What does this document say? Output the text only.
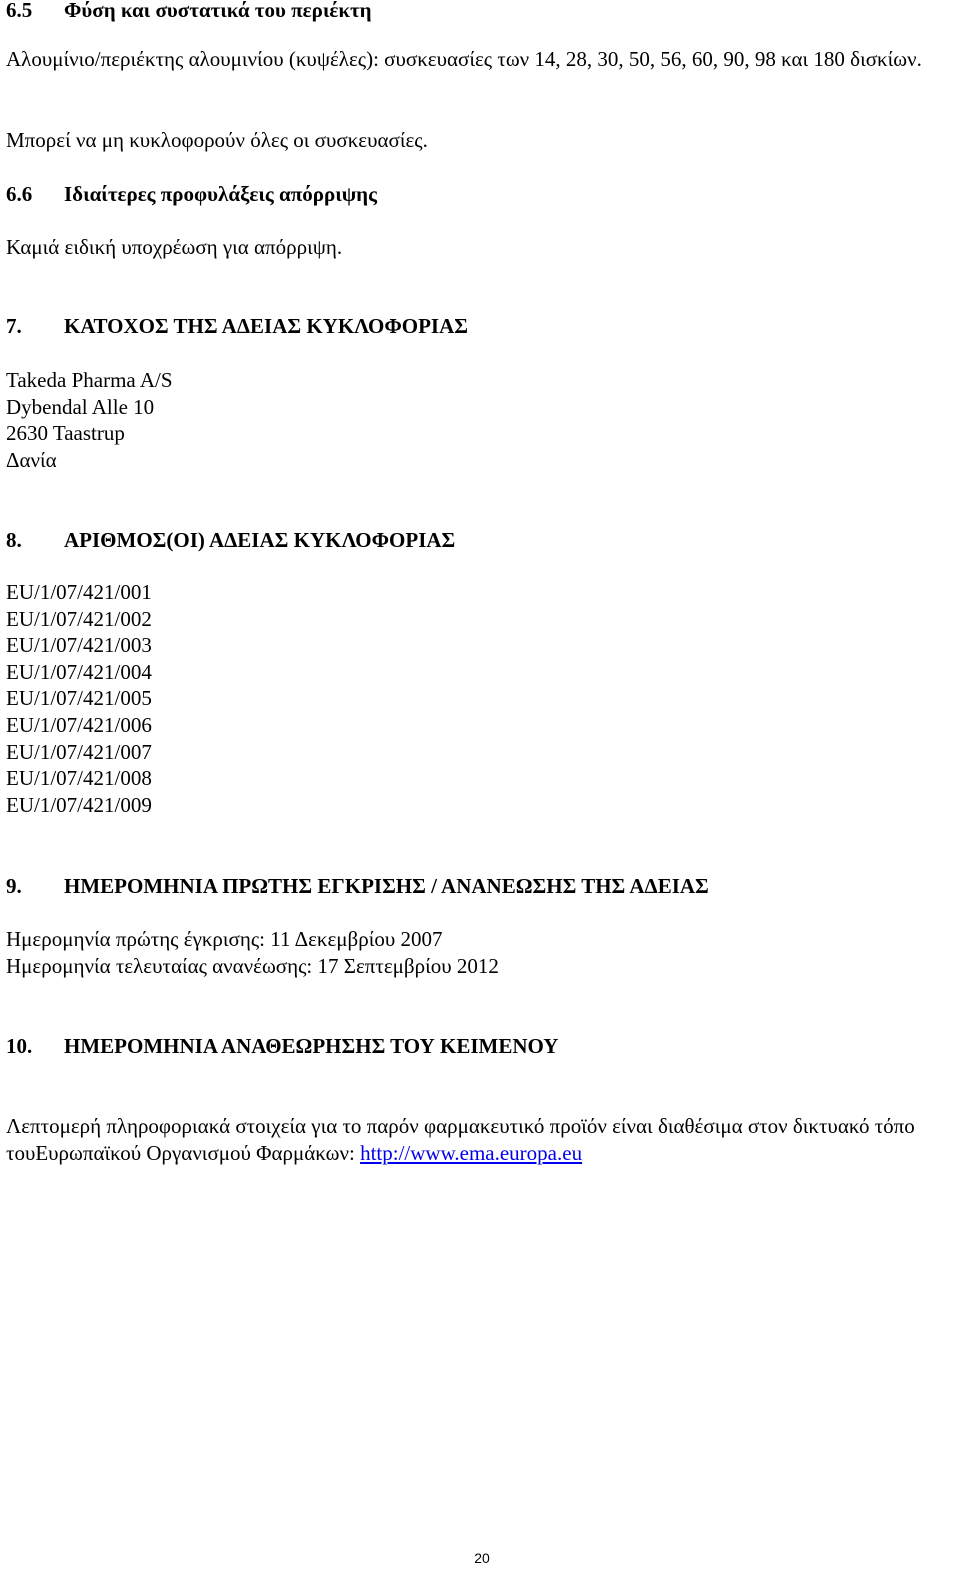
6.5 Φύση και συστατικά του περιέκτη

Αλουμίνιο/περιέκτης αλουμινίου (κυψέλες): συσκευασίες των 14, 28, 30, 50, 56, 60, 90, 98 και 180 δισκίων.

Μπορεί να μη κυκλοφορούν όλες οι συσκευασίες.

6.6 Ιδιαίτερες προφυλάξεις απόρριψης

Καμιά ειδική υποχρέωση για απόρριψη.

7. ΚΑΤΟΧΟΣ ΤΗΣ ΑΔΕΙΑΣ ΚΥΚΛΟΦΟΡΙΑΣ
Takeda Pharma A/S
Dybendal Alle 10
2630 Taastrup
Δανία
8. ΑΡΙΘΜΟΣ(ΟΙ) ΑΔΕΙΑΣ ΚΥΚΛΟΦΟΡΙΑΣ
EU/1/07/421/001
EU/1/07/421/002
EU/1/07/421/003
EU/1/07/421/004
EU/1/07/421/005
EU/1/07/421/006
EU/1/07/421/007
EU/1/07/421/008
EU/1/07/421/009
9. ΗΜΕΡΟΜΗΝΙΑ ΠΡΩΤΗΣ ΕΓΚΡΙΣΗΣ / ΑΝΑΝΕΩΣΗΣ ΤΗΣ ΑΔΕΙΑΣ
Ημερομηνία πρώτης έγκρισης: 11 Δεκεμβρίου 2007
Ημερομηνία τελευταίας ανανέωσης: 17 Σεπτεμβρίου 2012
10. ΗΜΕΡΟΜΗΝΙΑ ΑΝΑΘΕΩΡΗΣΗΣ ΤΟΥ ΚΕΙΜΕΝΟΥ

Λεπτομερή πληροφοριακά στοιχεία για το παρόν φαρμακευτικό προϊόν είναι διαθέσιμα στον δικτυακό τόπο τουΕυρωπαϊκού Οργανισμού Φαρμάκων: http://www.ema.europa.eu

20
